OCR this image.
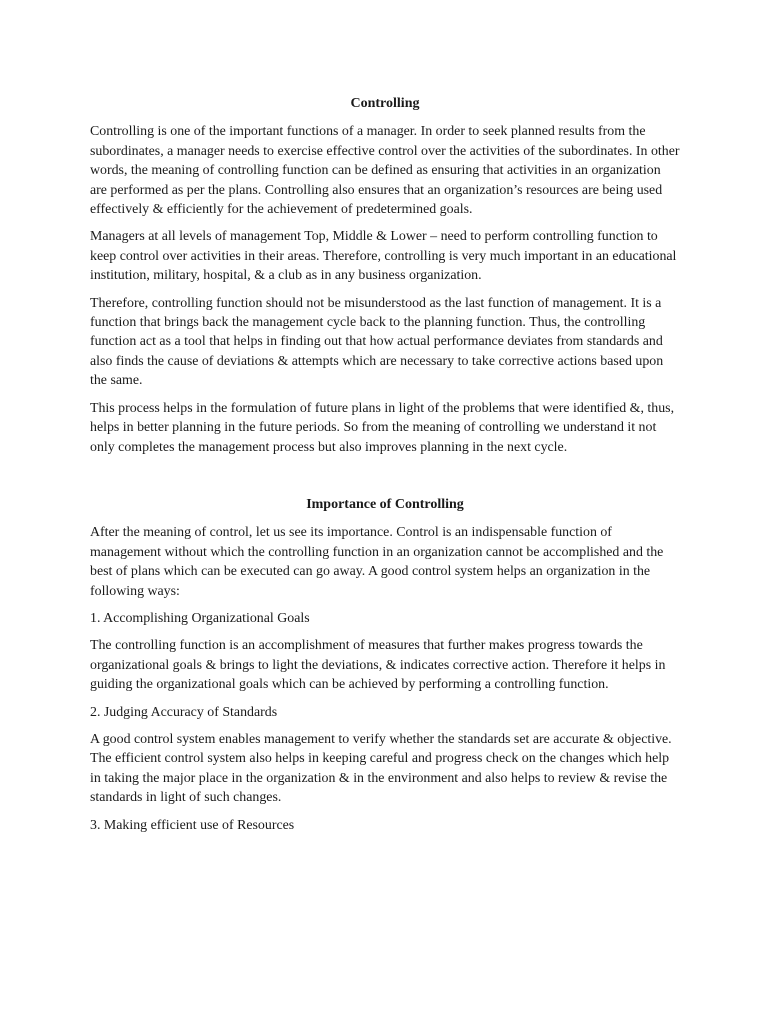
Controlling

Controlling is one of the important functions of a manager. In order to seek planned results from the subordinates, a manager needs to exercise effective control over the activities of the subordinates. In other words, the meaning of controlling function can be defined as ensuring that activities in an organization are performed as per the plans. Controlling also ensures that an organization’s resources are being used effectively & efficiently for the achievement of predetermined goals.

Managers at all levels of management Top, Middle & Lower – need to perform controlling function to keep control over activities in their areas. Therefore, controlling is very much important in an educational institution, military, hospital, & a club as in any business organization.

Therefore, controlling function should not be misunderstood as the last function of management. It is a function that brings back the management cycle back to the planning function. Thus, the controlling function act as a tool that helps in finding out that how actual performance deviates from standards and also finds the cause of deviations & attempts which are necessary to take corrective actions based upon the same.

This process helps in the formulation of future plans in light of the problems that were identified &, thus, helps in better planning in the future periods. So from the meaning of controlling we understand it not only completes the management process but also improves planning in the next cycle.

Importance of Controlling

After the meaning of control, let us see its importance. Control is an indispensable function of management without which the controlling function in an organization cannot be accomplished and the best of plans which can be executed can go away. A good control system helps an organization in the following ways:

1. Accomplishing Organizational Goals

The controlling function is an accomplishment of measures that further makes progress towards the organizational goals & brings to light the deviations, & indicates corrective action. Therefore it helps in guiding the organizational goals which can be achieved by performing a controlling function.

2. Judging Accuracy of Standards

A good control system enables management to verify whether the standards set are accurate & objective. The efficient control system also helps in keeping careful and progress check on the changes which help in taking the major place in the organization & in the environment and also helps to review & revise the standards in light of such changes.

3. Making efficient use of Resources
